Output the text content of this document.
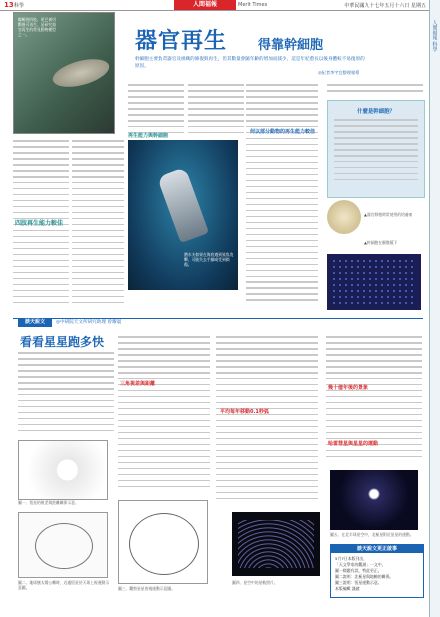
13 科學	人間福報	Merit Times	中華民國九十七年五月十六日 星期五
人間福報 科學
蠑螈的四肢、尾巴被切斷後可再生，是研究器官再生的常見動物模型之一。	器官再生 得靠幹細胞
幹細胞主要負責器官及組織的修復與再生，但其數量會隨年齡的增加而減少，這是年紀愈長以後身體較不易復原的原因。
◎紀者李宇宜整理報導
四肢再生能力較佳
再生能力與幹細胞
潛水夫如果在海底遇到鯊魚攻擊，可能失去手腳或受到損傷。
何以部分動物的再生能力較佳
什麼是幹細胞？
▲器官移植時常使用的培養皿
▲幹細胞在顯微鏡下
談天說文	◎中研院天文所研究助理 曾耀寰
看看星星跑多快
圖一、恆星的視差與距離關係示意。
圖二、地球繞太陽公轉時，近處恆星於天球上視運動示意圖。
三角視差與距離
圖三、觀察星星的視運動示意圖。
平均每年移動0.1秒弧
圖四、星空中的星軌照片。
幾十億年後的景象
哈雷彗星與星星的運動
圖五、在北半球星空中，北極星附近星星的運動。
談天說文更正啟事
5月7日本版刊出，
「天文學家的觀測」一文中，
圖一標題有誤，特此更正。
圖二說明：北極星與地軸的關係。
圖三說明：恆星運動示意。
本版編輯 謹啟
